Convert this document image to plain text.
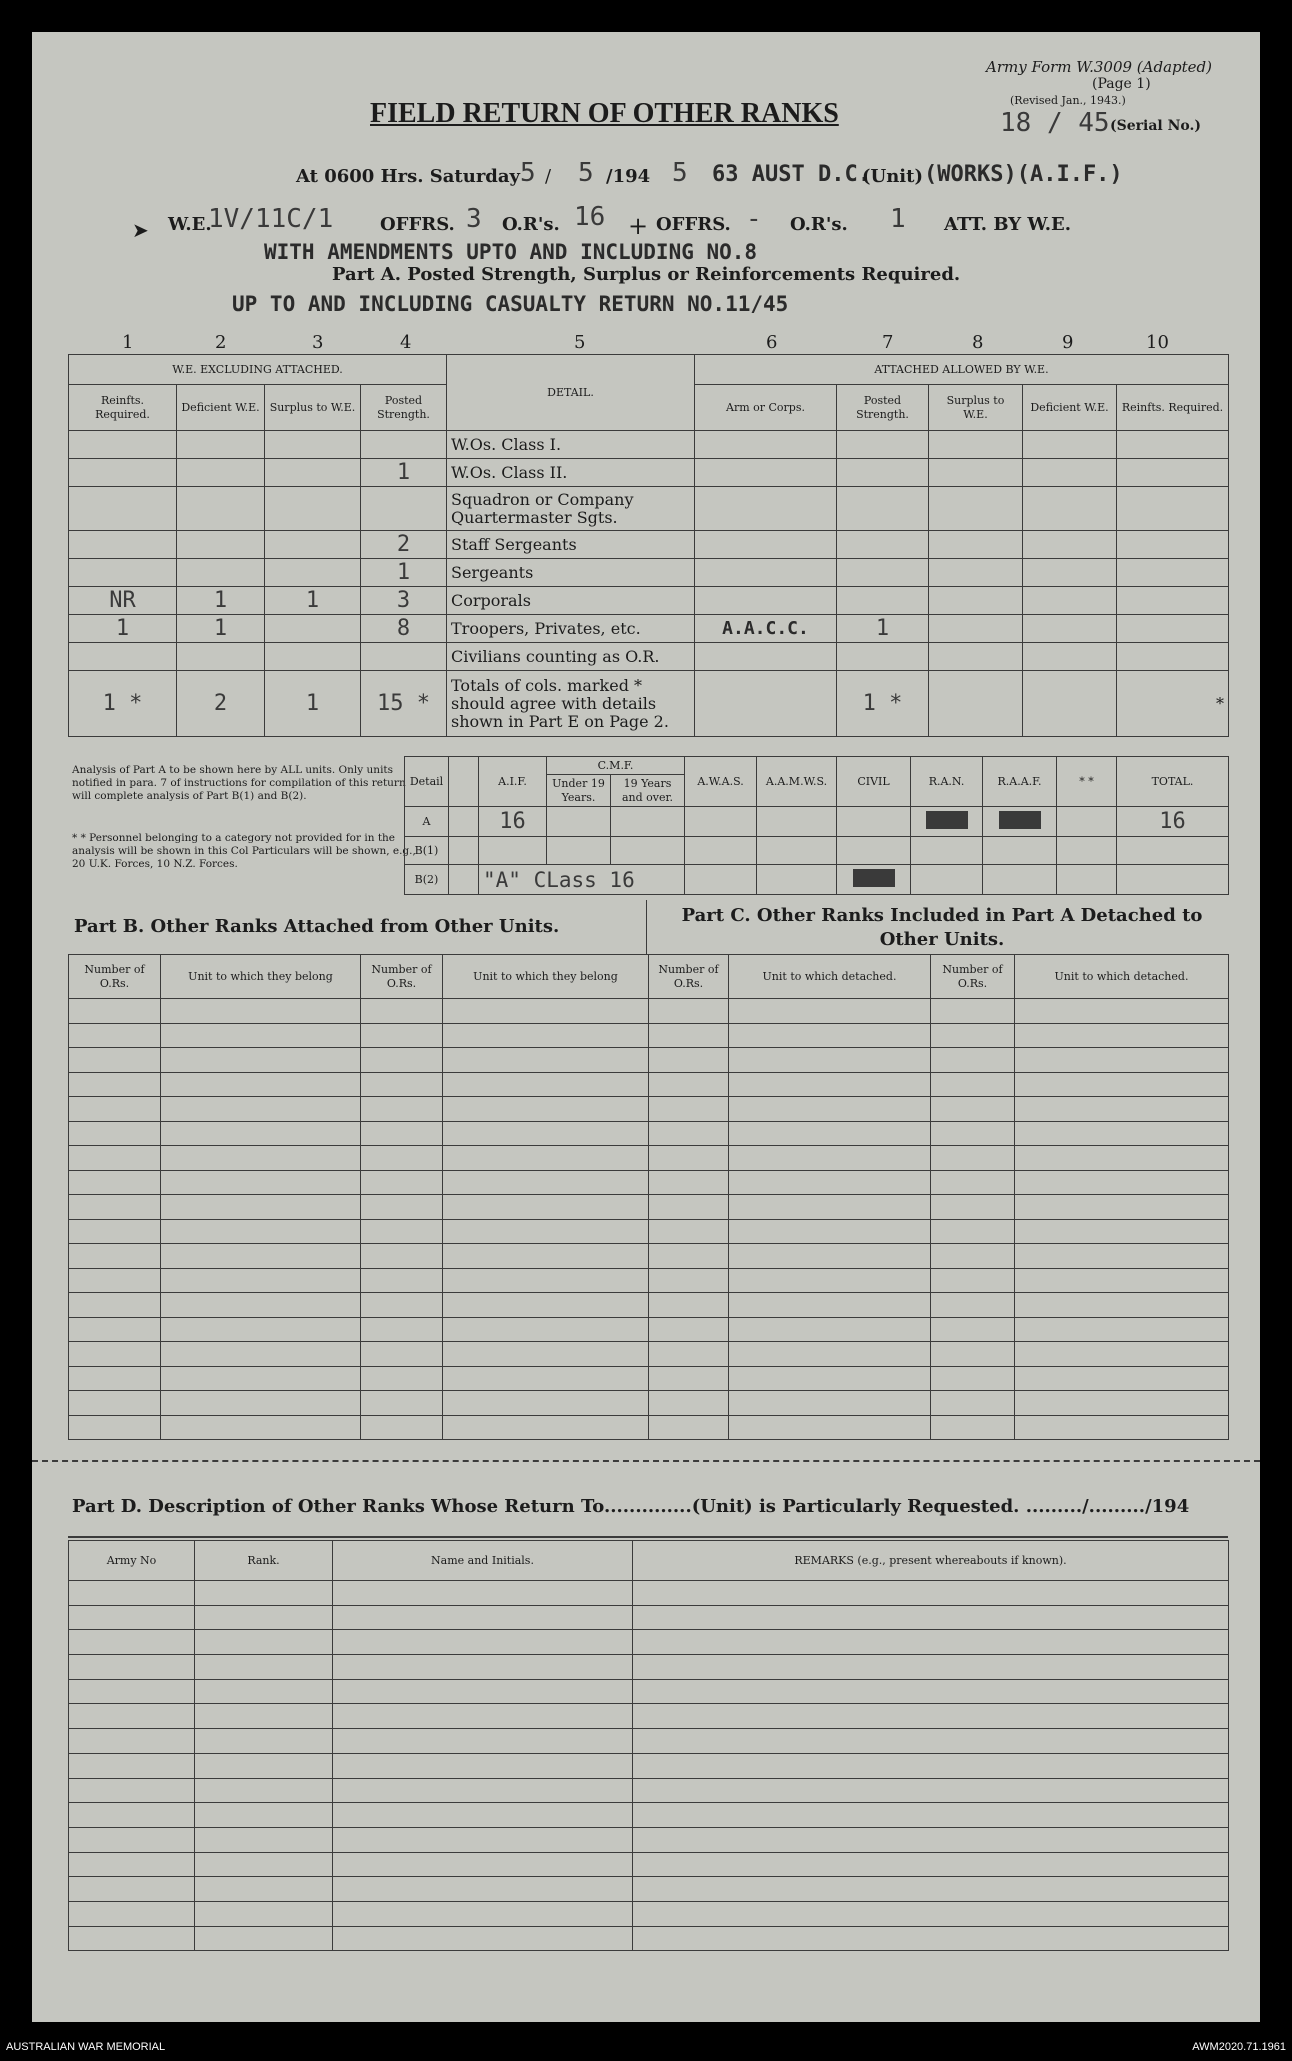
Army Form W.3009 (Adapted)
(Page 1)
(Revised Jan., 1943.)
18 / 45 (Serial No.)
FIELD RETURN OF OTHER RANKS
At 0600 Hrs. Saturday 5 / 5 /194 5 63 AUST D.C.
(Unit) (WORKS)(A.I.F.)
➤ W.E.
1V/11C/1	OFFRS. 3 O.R's. 16 + OFFRS. - O.R's. 1 ATT. BY W.E.
WITH AMENDMENTS UPTO AND INCLUDING NO.8
Part A. Posted Strength, Surplus or Reinforcements Required.
UP TO AND INCLUDING CASUALTY RETURN NO.11/45
1	2	3	4	5	6	7	8	9	10
W.E. EXCLUDING ATTACHED.				DETAIL.	ATTACHED ALLOWED BY W.E.				
Reinfts. Required.	Deficient W.E.	Surplus to W.E.	Posted Strength.		Arm or Corps.	Posted Strength.	Surplus to W.E.	Deficient W.E.	Reinfts. Required.
				W.Os. Class I.					
			1	W.Os. Class II.					
				Squadron or Company Quartermaster Sgts.					
			2	Staff Sergeants					
			1	Sergeants					
NR	1	1	3	Corporals					
1	1		8	Troopers, Privates, etc.	A.A.C.C.	1			
				Civilians counting as O.R.					
1 *	2	1	15 *	Totals of cols. marked * should agree with details shown in Part E on Page 2.		1 *			*
Analysis of Part A to be shown here by ALL units. Only units notified in para. 7 of instructions for compilation of this return will complete analysis of Part B(1) and B(2).
* * Personnel belonging to a category not provided for in the analysis will be shown in this Col Particulars will be shown, e.g., 20 U.K. Forces, 10 N.Z. Forces.
Detail		A.I.F.	C.M.F.		A.W.A.S.	A.A.M.W.S.	CIVIL	R.A.N.	R.A.A.F.	* *	TOTAL.
			Under 19 Years.	19 Years and over.							
A		16									16
B(1)											
B(2)		"A" CLass 16									
Part B. Other Ranks Attached from Other Units.
Part C. Other Ranks Included in Part A Detached to Other Units.
Number of O.Rs.	Unit to which they belong	Number of O.Rs.	Unit to which they belong	Number of O.Rs.	Unit to which detached.	Number of O.Rs.	Unit to which detached.

Part D. Description of Other Ranks Whose Return To..............(Unit) is Particularly Requested. ........./........./194
Army No	Rank.	Name and Initials.	REMARKS (e.g., present whereabouts if known).

AUSTRALIAN WAR MEMORIAL	AWM2020.71.1961
